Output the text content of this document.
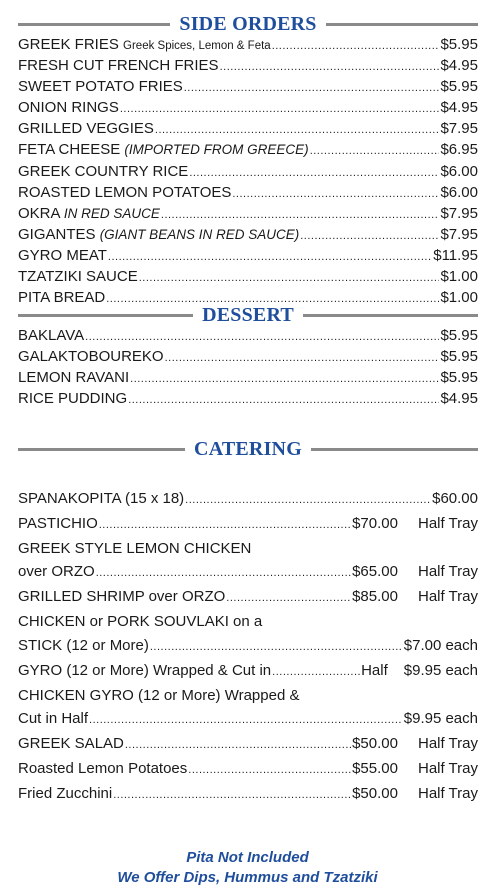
SIDE ORDERS
GREEK FRIES Greek Spices, Lemon & Feta .....	$5.95
FRESH CUT FRENCH FRIES .....	$4.95
SWEET POTATO FRIES .....	$5.95
ONION RINGS .....	$4.95
GRILLED VEGGIES .....	$7.95
FETA CHEESE (IMPORTED FROM GREECE) .....	$6.95
GREEK COUNTRY RICE .....	$6.00
ROASTED LEMON POTATOES .....	$6.00
OKRA IN RED SAUCE .....	$7.95
GIGANTES (GIANT BEANS IN RED SAUCE) .....	$7.95
GYRO MEAT .....	$11.95
TZATZIKI SAUCE .....	$1.00
PITA BREAD .....	$1.00
DESSERT
BAKLAVA .....	$5.95
GALAKTOBOUREKO .....	$5.95
LEMON RAVANI .....	$5.95
RICE PUDDING .....	$4.95
CATERING
SPANAKOPITA (15 x 18) .....	$60.00
PASTICHIO .....	$70.00	Half Tray
GREEK STYLE LEMON CHICKEN
over ORZO .....	$65.00	Half Tray
GRILLED SHRIMP over ORZO .....	$85.00	Half Tray
CHICKEN or PORK SOUVLAKI on a
STICK (12 or More) .....	$7.00 each
GYRO (12 or More) Wrapped & Cut in .....	Half $9.95 each
CHICKEN GYRO (12 or More) Wrapped &
Cut in Half .....	$9.95 each
GREEK SALAD .....	$50.00	Half Tray
Roasted Lemon Potatoes .....	$55.00	Half Tray
Fried Zucchini .....	$50.00	Half Tray
Pita Not Included
We Offer Dips, Hummus and Tzatziki
